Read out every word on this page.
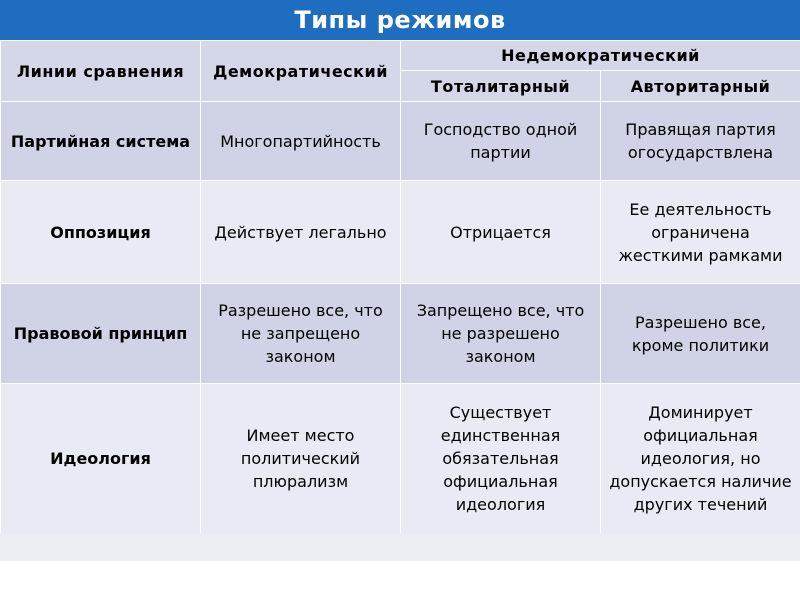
Типы режимов
Линии сравнения	Демократический	Недемократический	
		Тоталитарный	Авторитарный
Партийная система	Многопартийность	Господство одной партии	Правящая партия огосударствлена
Оппозиция	Действует легально	Отрицается	Ее деятельность ограничена жесткими рамками
Правовой принцип	Разрешено все, что не запрещено законом	Запрещено все, что не разрешено законом	Разрешено все, кроме политики
Идеология	Имеет место политический плюрализм	Существует единственная обязательная официальная идеология	Доминирует официальная идеология, но допускается наличие других течений
